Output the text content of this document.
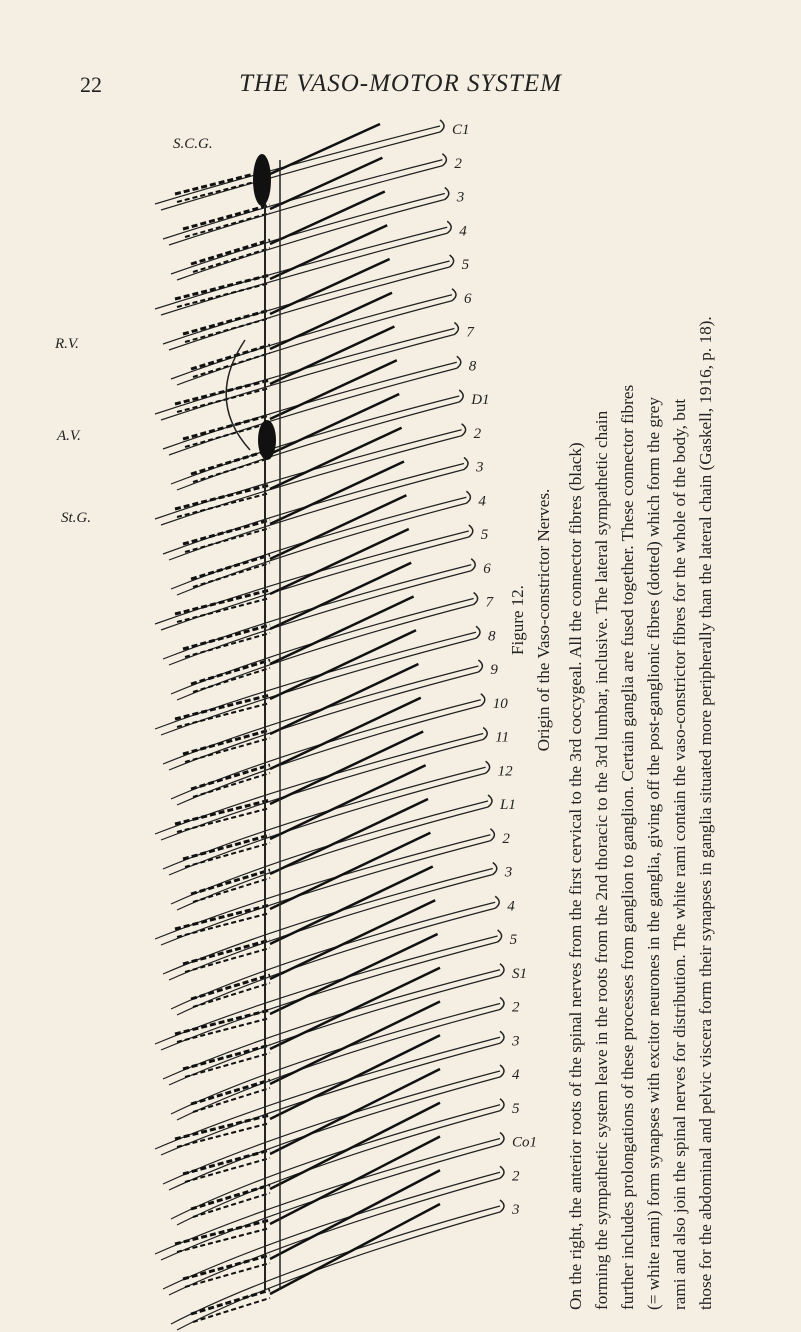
22	THE VASO-MOTOR SYSTEM
C1
2
3
4
5
6
7
8
D1
2
3
4
5
6
7
8
9
10
11
12
L1
2
3
4
5
S1
2
3
4
5
Co1
2
3
S.C.G.
R.V.
A.V.
St.G.
Figure 12. Origin of the Vaso-constrictor Nerves. On the right, the anterior roots of the spinal nerves from the first cervical to the 3rd coccygeal. All the connector fibres (black) forming the sympathetic system leave in the roots from the 2nd thoracic to the 3rd lumbar, inclusive. The lateral sympathetic chain further includes prolongations of these processes from ganglion to ganglion. Certain ganglia are fused together. These connector fibres (= white rami) form synapses with excitor neurones in the ganglia, giving off the post-ganglionic fibres (dotted) which form the grey rami and also join the spinal nerves for distribution. The white rami contain the vaso-constrictor fibres for the whole of the body, but those for the abdominal and pelvic viscera form their synapses in ganglia situated more peripherally than the lateral chain (Gaskell, 1916, p. 18).
